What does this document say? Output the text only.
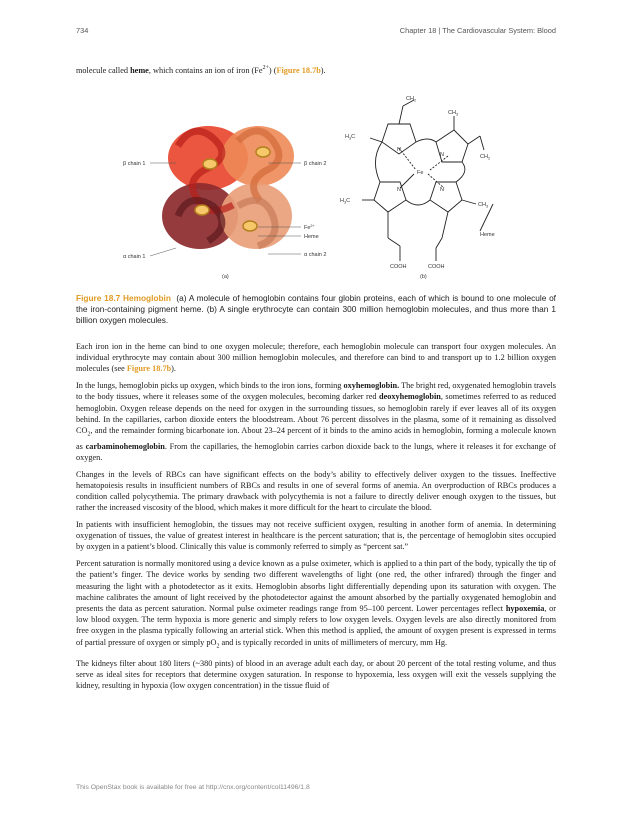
734	Chapter 18 | The Cardiovascular System: Blood

molecule called heme, which contains an ion of iron $(Fe^{2+})$ (Figure 18.7b).

β chain 1	β chain 2
$Fe^{2+}$
Heme
α chain 1	α chain 2
(a)
$CH_2$
$CH_3$
$H_3C$
$CH_2$
$H_3C$
$CH_3$
N
N
N	N
Fe
COOH	COOH
Heme
(b)

Figure 18.7 Hemoglobin (a) A molecule of hemoglobin contains four globin proteins, each of which is bound to one molecule of the iron-containing pigment heme. (b) A single erythrocyte can contain 300 million hemoglobin molecules, and thus more than 1 billion oxygen molecules.

Each iron ion in the heme can bind to one oxygen molecule; therefore, each hemoglobin molecule can transport four oxygen molecules. An individual erythrocyte may contain about 300 million hemoglobin molecules, and therefore can bind to and transport up to 1.2 billion oxygen molecules (see Figure 18.7b).

In the lungs, hemoglobin picks up oxygen, which binds to the iron ions, forming oxyhemoglobin. The bright red, oxygenated hemoglobin travels to the body tissues, where it releases some of the oxygen molecules, becoming darker red deoxyhemoglobin, sometimes referred to as reduced hemoglobin. Oxygen release depends on the need for oxygen in the surrounding tissues, so hemoglobin rarely if ever leaves all of its oxygen behind. In the capillaries, carbon dioxide enters the bloodstream. About 76 percent dissolves in the plasma, some of it remaining as dissolved $CO_2$, and the remainder forming bicarbonate ion. About 23–24 percent of it binds to the amino acids in hemoglobin, forming a molecule known as carbaminohemoglobin. From the capillaries, the hemoglobin carries carbon dioxide back to the lungs, where it releases it for exchange of oxygen.

Changes in the levels of RBCs can have significant effects on the body’s ability to effectively deliver oxygen to the tissues. Ineffective hematopoiesis results in insufficient numbers of RBCs and results in one of several forms of anemia. An overproduction of RBCs produces a condition called polycythemia. The primary drawback with polycythemia is not a failure to directly deliver enough oxygen to the tissues, but rather the increased viscosity of the blood, which makes it more difficult for the heart to circulate the blood.

In patients with insufficient hemoglobin, the tissues may not receive sufficient oxygen, resulting in another form of anemia. In determining oxygenation of tissues, the value of greatest interest in healthcare is the percent saturation; that is, the percentage of hemoglobin sites occupied by oxygen in a patient’s blood. Clinically this value is commonly referred to simply as “percent sat.”

Percent saturation is normally monitored using a device known as a pulse oximeter, which is applied to a thin part of the body, typically the tip of the patient’s finger. The device works by sending two different wavelengths of light (one red, the other infrared) through the finger and measuring the light with a photodetector as it exits. Hemoglobin absorbs light differentially depending upon its saturation with oxygen. The machine calibrates the amount of light received by the photodetector against the amount absorbed by the partially oxygenated hemoglobin and presents the data as percent saturation. Normal pulse oximeter readings range from 95–100 percent. Lower percentages reflect hypoxemia, or low blood oxygen. The term hypoxia is more generic and simply refers to low oxygen levels. Oxygen levels are also directly monitored from free oxygen in the plasma typically following an arterial stick. When this method is applied, the amount of oxygen present is expressed in terms of partial pressure of oxygen or simply $pO_2$ and is typically recorded in units of millimeters of mercury, mm Hg.

The kidneys filter about 180 liters (~380 pints) of blood in an average adult each day, or about 20 percent of the total resting volume, and thus serve as ideal sites for receptors that determine oxygen saturation. In response to hypoxemia, less oxygen will exit the vessels supplying the kidney, resulting in hypoxia (low oxygen concentration) in the tissue fluid of

This OpenStax book is available for free at http://cnx.org/content/col11496/1.8
